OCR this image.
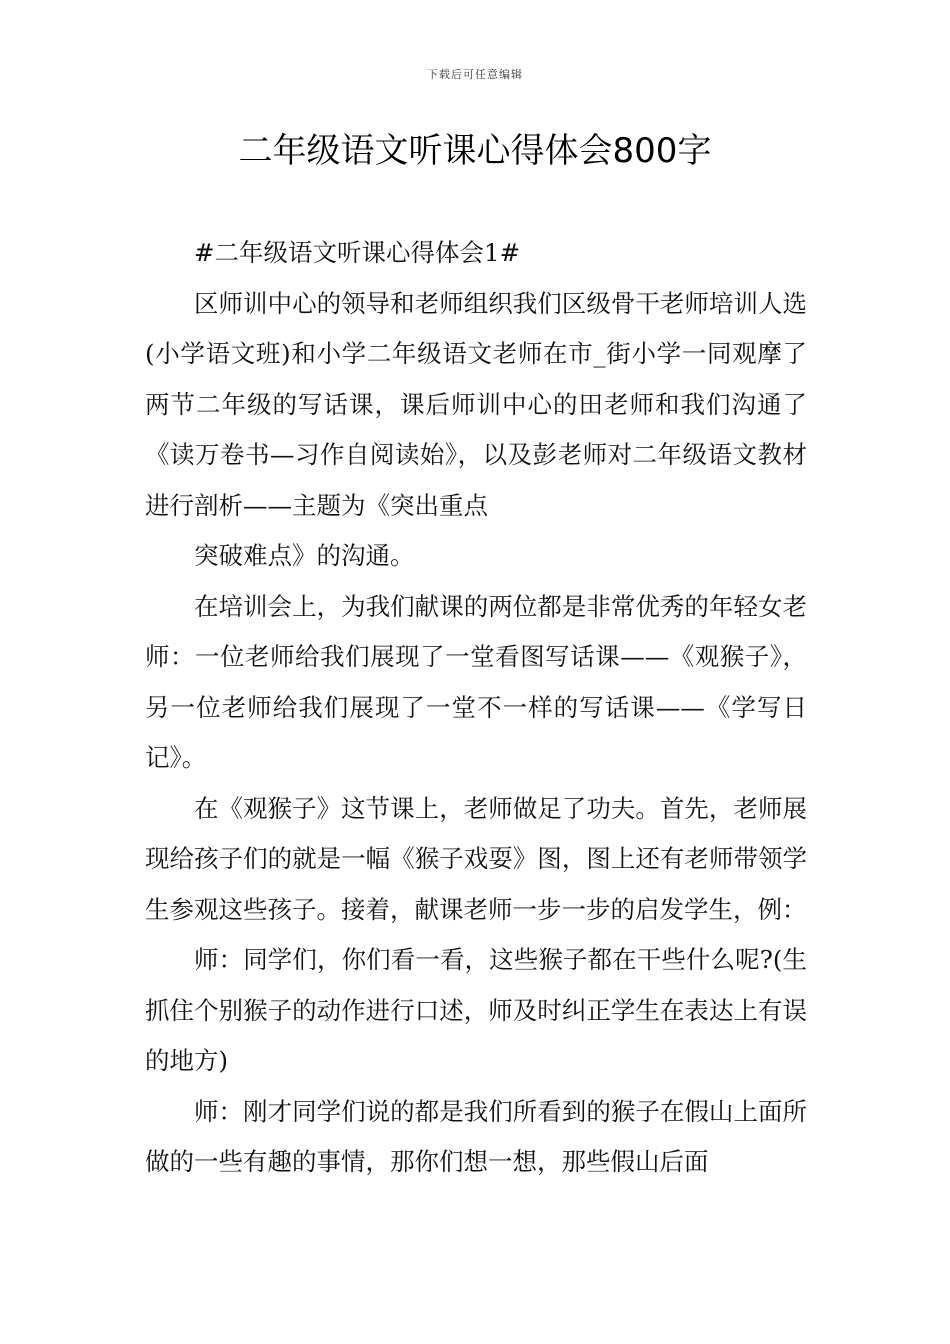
下载后可任意编辑
二年级语文听课心得体会800字

#二年级语文听课心得体会1#

区师训中心的领导和老师组织我们区级骨干老师培训人选(小学语文班)和小学二年级语文老师在市_街小学一同观摩了两节二年级的写话课，课后师训中心的田老师和我们沟通了《读万卷书—习作自阅读始》，以及彭老师对二年级语文教材进行剖析——主题为《突出重点

突破难点》的沟通。

在培训会上，为我们献课的两位都是非常优秀的年轻女老师：一位老师给我们展现了一堂看图写话课——《观猴子》，另一位老师给我们展现了一堂不一样的写话课——《学写日记》。

在《观猴子》这节课上，老师做足了功夫。首先，老师展现给孩子们的就是一幅《猴子戏耍》图，图上还有老师带领学生参观这些孩子。接着，献课老师一步一步的启发学生，例：

师：同学们，你们看一看，这些猴子都在干些什么呢?(生抓住个别猴子的动作进行口述，师及时纠正学生在表达上有误的地方)

师：刚才同学们说的都是我们所看到的猴子在假山上面所做的一些有趣的事情，那你们想一想，那些假山后面
